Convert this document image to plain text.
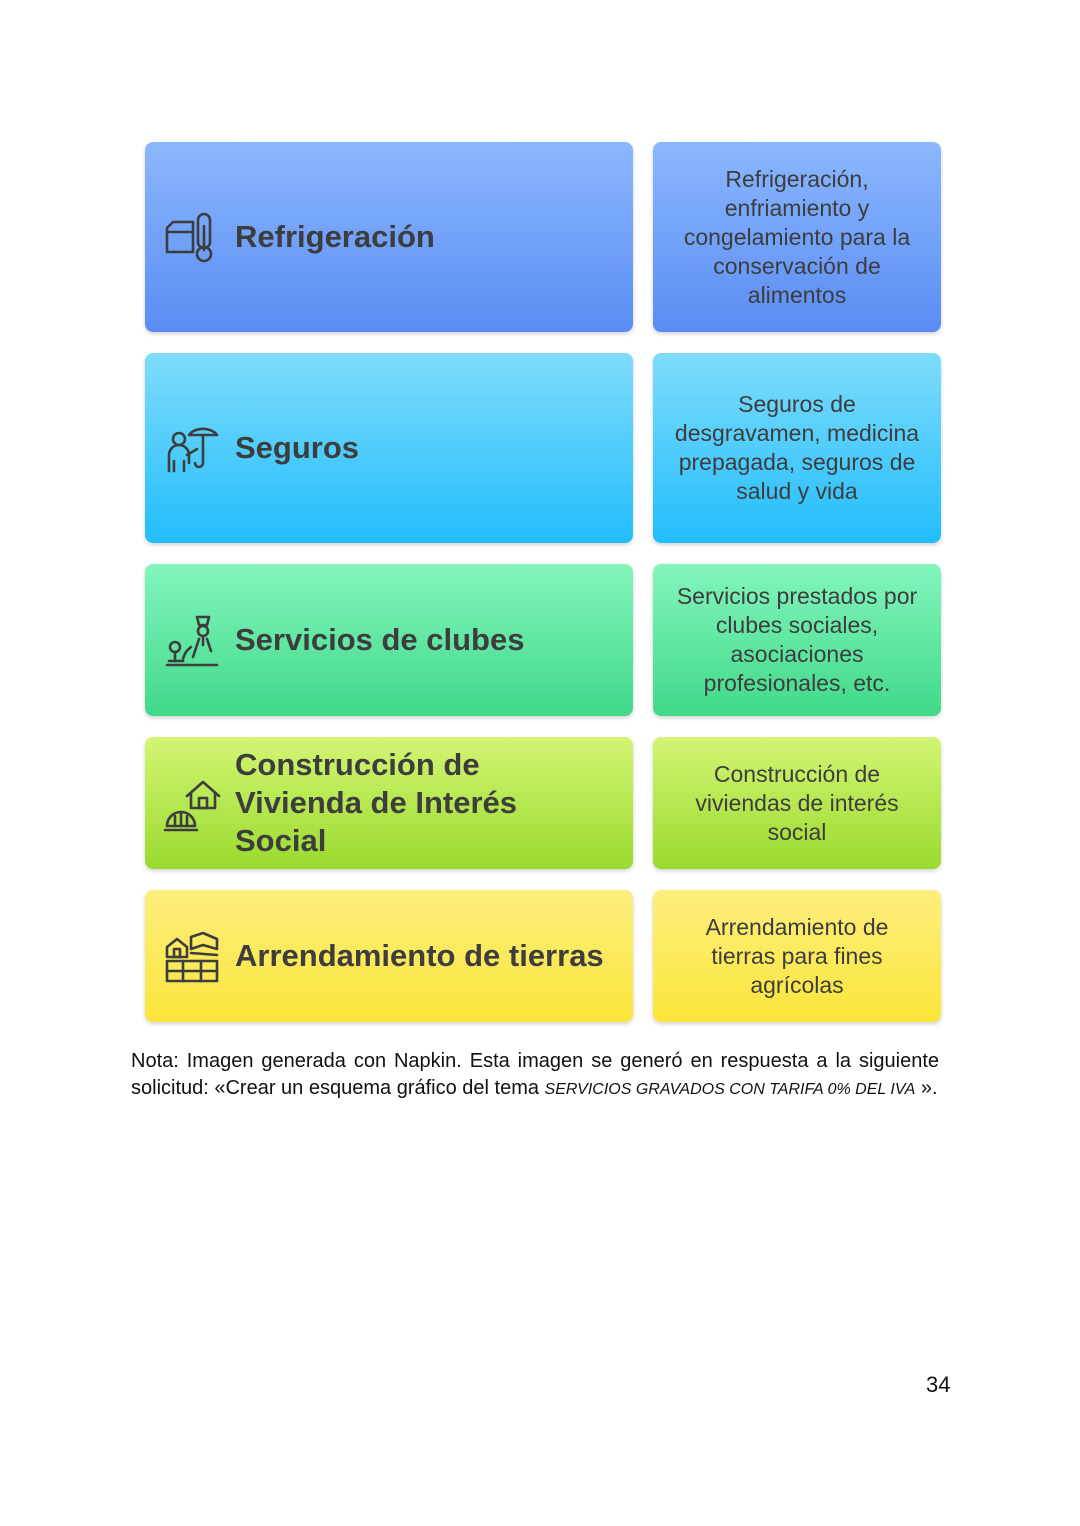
Refrigeración
Refrigeración, enfriamiento y congelamiento para la conservación de alimentos
Seguros
Seguros de desgravamen, medicina prepagada, seguros de salud y vida
Servicios de clubes
Servicios prestados por clubes sociales, asociaciones profesionales, etc.
Construcción de Vivienda de Interés Social
Construcción de viviendas de interés social
Arrendamiento de tierras
Arrendamiento de tierras para fines agrícolas
Nota: Imagen generada con Napkin. Esta imagen se generó en respuesta a la siguiente solicitud: «Crear un esquema gráfico del tema SERVICIOS GRAVADOS CON TARIFA 0% DEL IVA ».
34
